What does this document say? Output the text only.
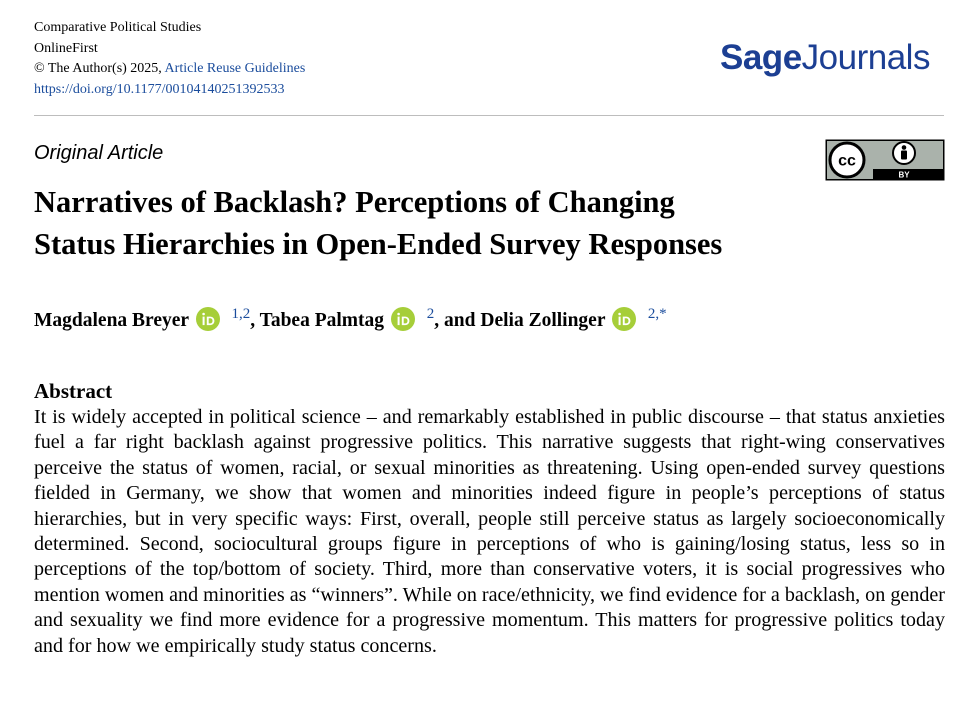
Comparative Political Studies
OnlineFirst
© The Author(s) 2025, Article Reuse Guidelines
https://doi.org/10.1177/00104140251392533
SageJournals
Original Article	cc
BY
Narratives of Backlash? Perceptions of Changing
Status Hierarchies in Open-Ended Survey Responses
Magdalena Breyer	$^{1,2}$, Tabea Palmtag	$^2$, and Delia Zollinger	$^{2,*}$
Abstract

It is widely accepted in political science – and remarkably established in public discourse – that status anxieties fuel a far right backlash against progressive politics. This narrative suggests that right-wing conservatives perceive the status of women, racial, or sexual minorities as threatening. Using open-ended survey questions fielded in Germany, we show that women and minorities indeed figure in people’s perceptions of status hierarchies, but in very specific ways: First, overall, people still perceive status as largely socioeconomically determined. Second, sociocultural groups figure in perceptions of who is gaining/losing status, less so in perceptions of the top/bottom of society. Third, more than conservative voters, it is social progressives who mention women and minorities as “winners”. While on race/ethnicity, we find evidence for a backlash, on gender and sexuality we find more evidence for a progressive momentum. This matters for progressive politics today and for how we empirically study status concerns.
